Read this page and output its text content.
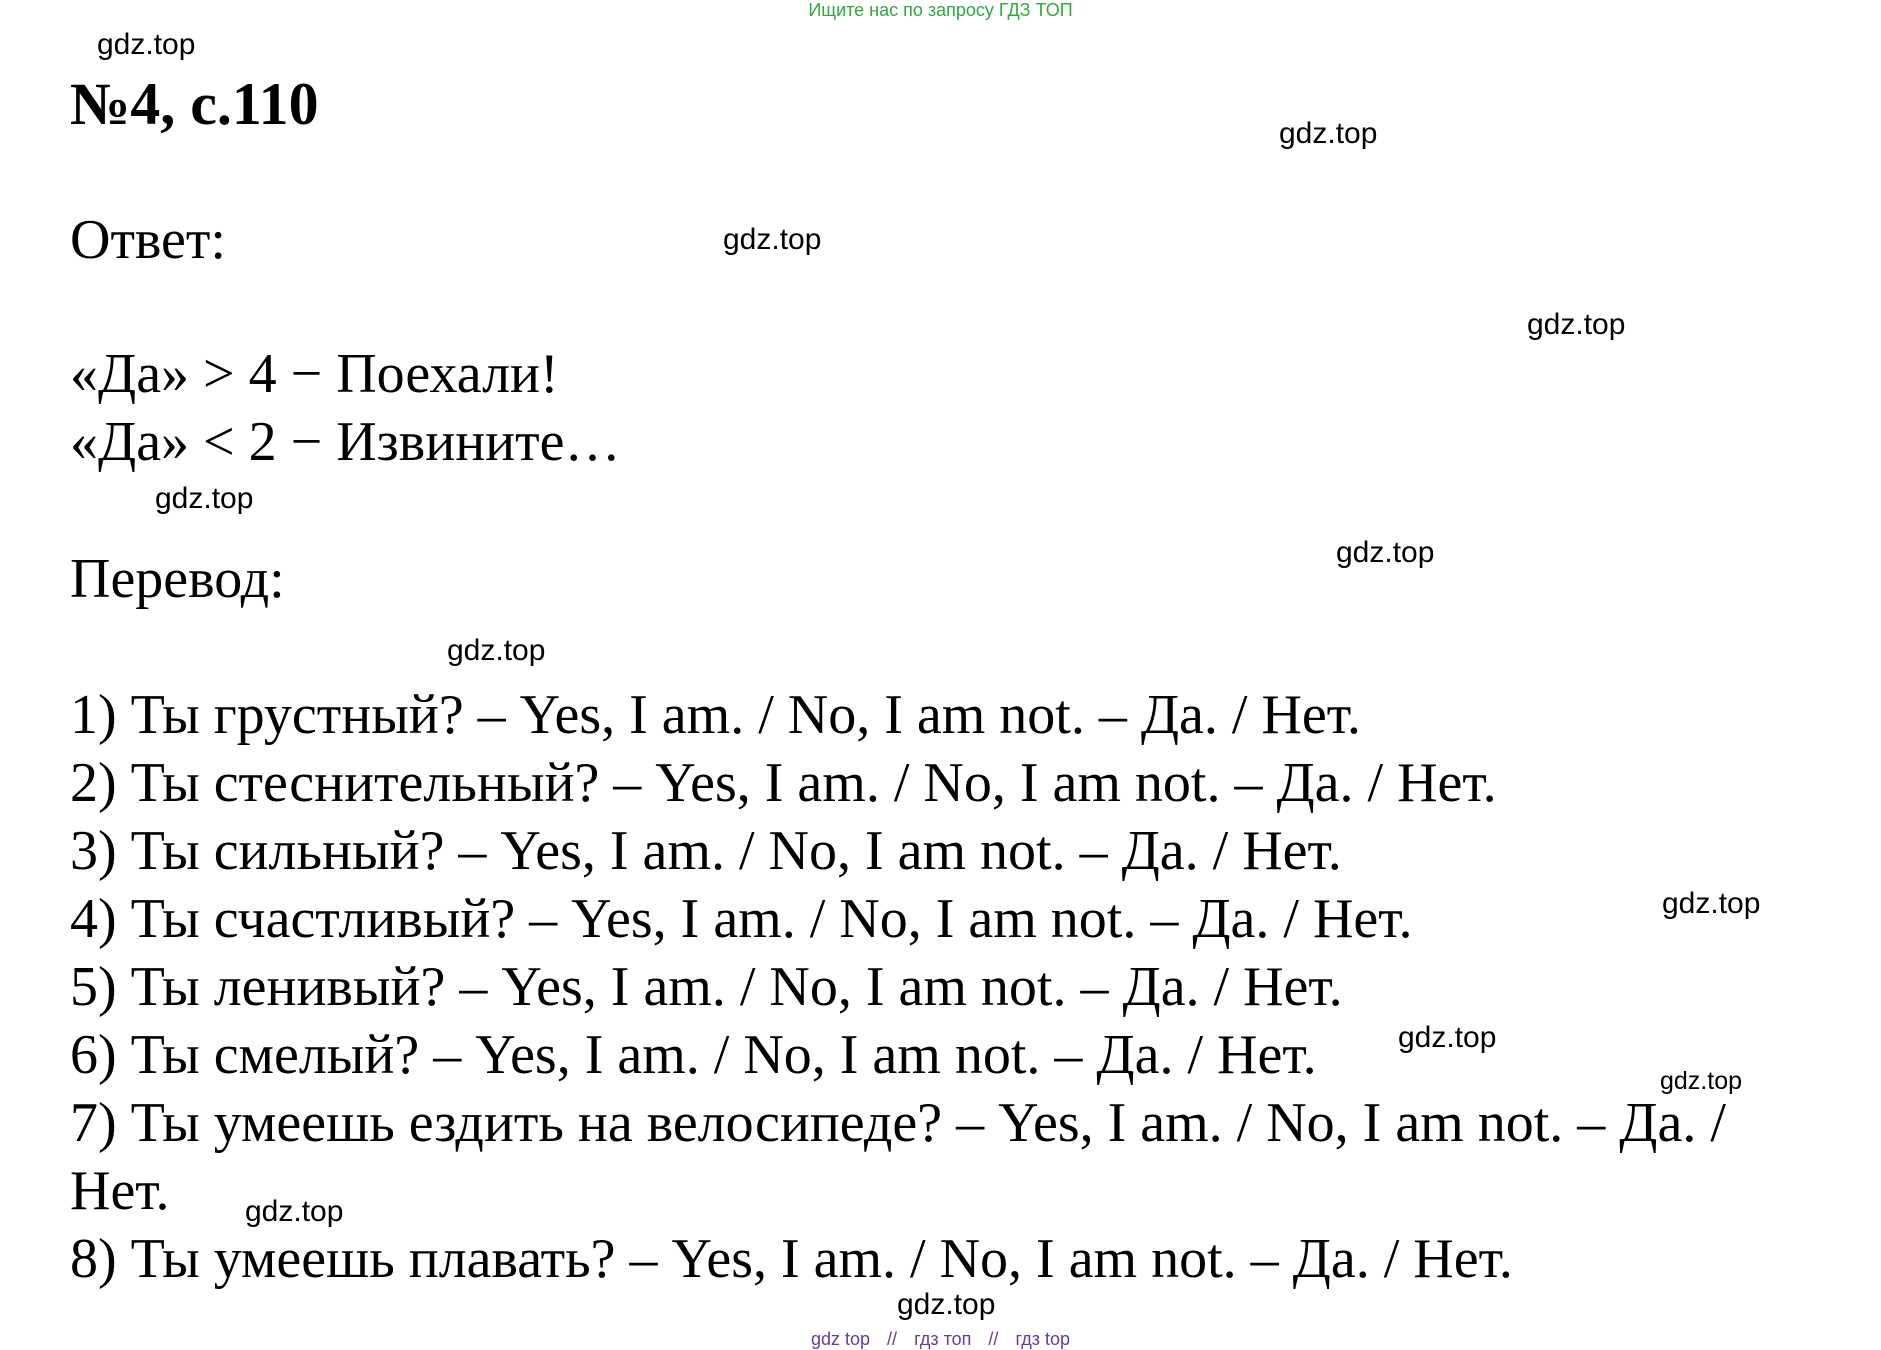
Ищите нас по запросу ГДЗ ТОП
№4, с.110
Ответ:
«Да» > 4 − Поехали!
«Да» < 2 − Извините…
Перевод:
1) Ты грустный? – Yes, I am. / No, I am not. – Да. / Нет.
2) Ты стеснительный? – Yes, I am. / No, I am not. – Да. / Нет.
3) Ты сильный? – Yes, I am. / No, I am not. – Да. / Нет.
4) Ты счастливый? – Yes, I am. / No, I am not. – Да. / Нет.
5) Ты ленивый? – Yes, I am. / No, I am not. – Да. / Нет.
6) Ты смелый? – Yes, I am. / No, I am not. – Да. / Нет.
7) Ты умеешь ездить на велосипеде? – Yes, I am. / No, I am not. – Да. /
Нет.
8) Ты умеешь плавать? – Yes, I am. / No, I am not. – Да. / Нет.
gdz.top
gdz.top
gdz.top
gdz.top
gdz.top
gdz.top
gdz.top
gdz.top
gdz.top
gdz.top
gdz.top
gdz.top
gdz top // гдз топ // гдз top
